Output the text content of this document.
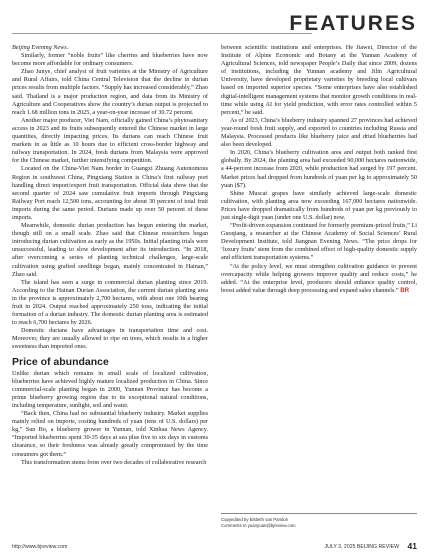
FEATURES

Beijing Evening News.

Similarly, former “noble fruits” like cherries and blueberries have now become more affordable for ordinary consumers.

Zhao Junye, chief analyst of fruit varieties at the Ministry of Agriculture and Rural Affairs, told China Central Television that the decline in durian prices results from multiple factors. “Supply has increased considerably,” Zhao said. Thailand is a major production region, and data from its Ministry of Agriculture and Cooperatives show the country’s durian output is projected to reach 1.68 million tons in 2025, a year-on-year increase of 30.72 percent.

Another major producer, Viet Nam, officially gained China’s phytosanitary access in 2023 and its fruits subsequently entered the Chinese market in large quantities, directly impacting prices. Its durians can reach Chinese fruit markets in as little as 10 hours due to efficient cross-border highway and railway transportation. In 2024, fresh durians from Malaysia were approved for the Chinese market, further intensifying competition.

Located on the China-Viet Nam border in Guangxi Zhuang Autonomous Region in southwest China, Pingxiang Station is China’s first railway port handling direct import/export fruit transportation. Official data show that the second quarter of 2024 saw cumulative fruit imports through Pingxiang Railway Port reach 12,500 tons, accounting for about 30 percent of total fruit imports during the same period. Durians made up over 50 percent of these imports.

Meanwhile, domestic durian production has begun entering the market, though still on a small scale. Zhao said that Chinese researchers began introducing durian cultivation as early as the 1950s. Initial planting trials were unsuccessful, leading to slow development after its introduction. “In 2018, after overcoming a series of planting technical challenges, large-scale cultivation using grafted seedlings began, mainly concentrated in Hainan,” Zhao said.

The island has seen a surge in commercial durian planting since 2019. According to the Hainan Durian Association, the current durian planting area in the province is approximately 2,700 hectares, with about one 10th bearing fruit in 2024. Output reached approximately 250 tons, indicating the initial formation of a durian industry. The domestic durian planting area is estimated to reach 6,700 hectares by 2026.

Domestic durians have advantages in transportation time and cost. Moreover, they are usually allowed to ripe on trees, which results in a higher sweetness than imported ones.

Price of abundance

Unlike durian which remains in small scale of localized cultivation, blueberries have achieved highly mature localized production in China. Since commercial-scale planting began in 2000, Yunnan Province has become a prime blueberry growing region due to its exceptional natural conditions, including temperature, sunlight, soil and water.

“Back then, China had no substantial blueberry industry. Market supplies mainly relied on imports, costing hundreds of yuan (tens of U.S. dollars) per kg,” Sun Bo, a blueberry grower in Yunnan, told Xinhua News Agency. “Imported blueberries spent 30-35 days at sea plus five to six days in customs clearance, so their freshness was already greatly compromised by the time consumers got them.”

This transformation stems from over two decades of collaborative research

between scientific institutions and enterprises. He Jiawei, Director of the Institute of Alpine Economic and Botany at the Yunnan Academy of Agricultural Sciences, told newspaper People’s Daily that since 2009, dozens of institutions, including the Yunnan academy and Jilin Agricultural University, have developed proprietary varieties by breeding local cultivars based on imported superior species. “Some enterprises have also established digital-intelligent management systems that monitor growth conditions in real-time while using AI for yield prediction, with error rates controlled within 5 percent,” he said.

As of 2023, China’s blueberry industry spanned 27 provinces had achieved year-round fresh fruit supply, and exported to countries including Russia and Malaysia. Processed products like blueberry juice and dried blueberries had also been developed.

In 2020, China’s blueberry cultivation area and output both ranked first globally. By 2024, the planting area had exceeded 90,000 hectares nationwide, a 44-percent increase from 2020, while production had surged by 197 percent. Market prices had dropped from hundreds of yuan per kg to approximately 50 yuan ($7).

Shine Muscat grapes have similarly achieved large-scale domestic cultivation, with planting area now exceeding 167,000 hectares nationwide. Prices have dropped dramatically from hundreds of yuan per kg previously to just single-digit yuan (under one U.S. dollar) now.

“Profit-driven expansion continued for formerly premium-priced fruits,” Li Guoqiang, a researcher at the Chinese Academy of Social Sciences’ Rural Development Institute, told Jiangnan Evening News. “The price drops for ‘luxury fruits’ stem from the combined effect of high-quality domestic supply and efficient transportation systems.”

“At the policy level, we must strengthen cultivation guidance to prevent overcapacity while helping growers improve quality and reduce costs,” he added. “At the enterprise level, producers should enhance quality control, boost added value through deep processing and expand sales channels.” BR

Copyedited by Elsbeth van Paridon
Comments to yuanyuan@bjreview.com
http://www.bjreview.com	JULY 3, 2025 BEIJING REVIEW 41
